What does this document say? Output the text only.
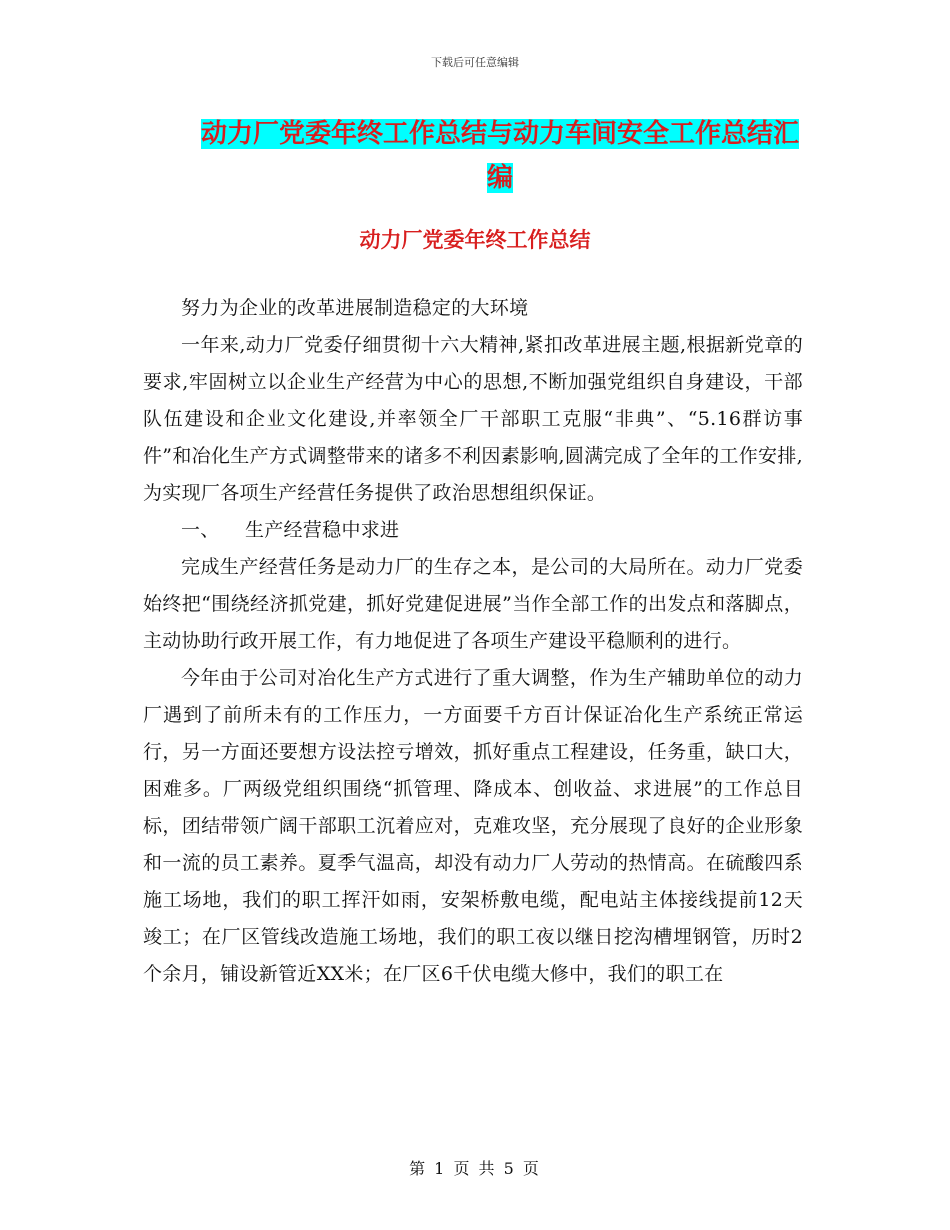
下载后可任意编辑
动力厂党委年终工作总结与动力车间安全工作总结汇编
动力厂党委年终工作总结

努力为企业的改革进展制造稳定的大环境

一年来,动力厂党委仔细贯彻十六大精神,紧扣改革进展主题,根据新党章的要求,牢固树立以企业生产经营为中心的思想,不断加强党组织自身建设，干部队伍建设和企业文化建设,并率领全厂干部职工克服“非典”、“5.16群访事件”和冶化生产方式调整带来的诸多不利因素影响,圆满完成了全年的工作安排,为实现厂各项生产经营任务提供了政治思想组织保证。

一、    生产经营稳中求进

完成生产经营任务是动力厂的生存之本，是公司的大局所在。动力厂党委始终把“围绕经济抓党建，抓好党建促进展”当作全部工作的出发点和落脚点，主动协助行政开展工作，有力地促进了各项生产建设平稳顺利的进行。

今年由于公司对冶化生产方式进行了重大调整，作为生产辅助单位的动力厂遇到了前所未有的工作压力，一方面要千方百计保证冶化生产系统正常运行，另一方面还要想方设法控亏增效，抓好重点工程建设，任务重，缺口大，困难多。厂两级党组织围绕“抓管理、降成本、创收益、求进展”的工作总目标，团结带领广阔干部职工沉着应对，克难攻坚，充分展现了良好的企业形象和一流的员工素养。夏季气温高，却没有动力厂人劳动的热情高。在硫酸四系施工场地，我们的职工挥汗如雨，安架桥敷电缆，配电站主体接线提前12天竣工；在厂区管线改造施工场地，我们的职工夜以继日挖沟槽埋钢管，历时2个余月，铺设新管近XX米；在厂区6千伏电缆大修中，我们的职工在

第 1 页 共 5 页
